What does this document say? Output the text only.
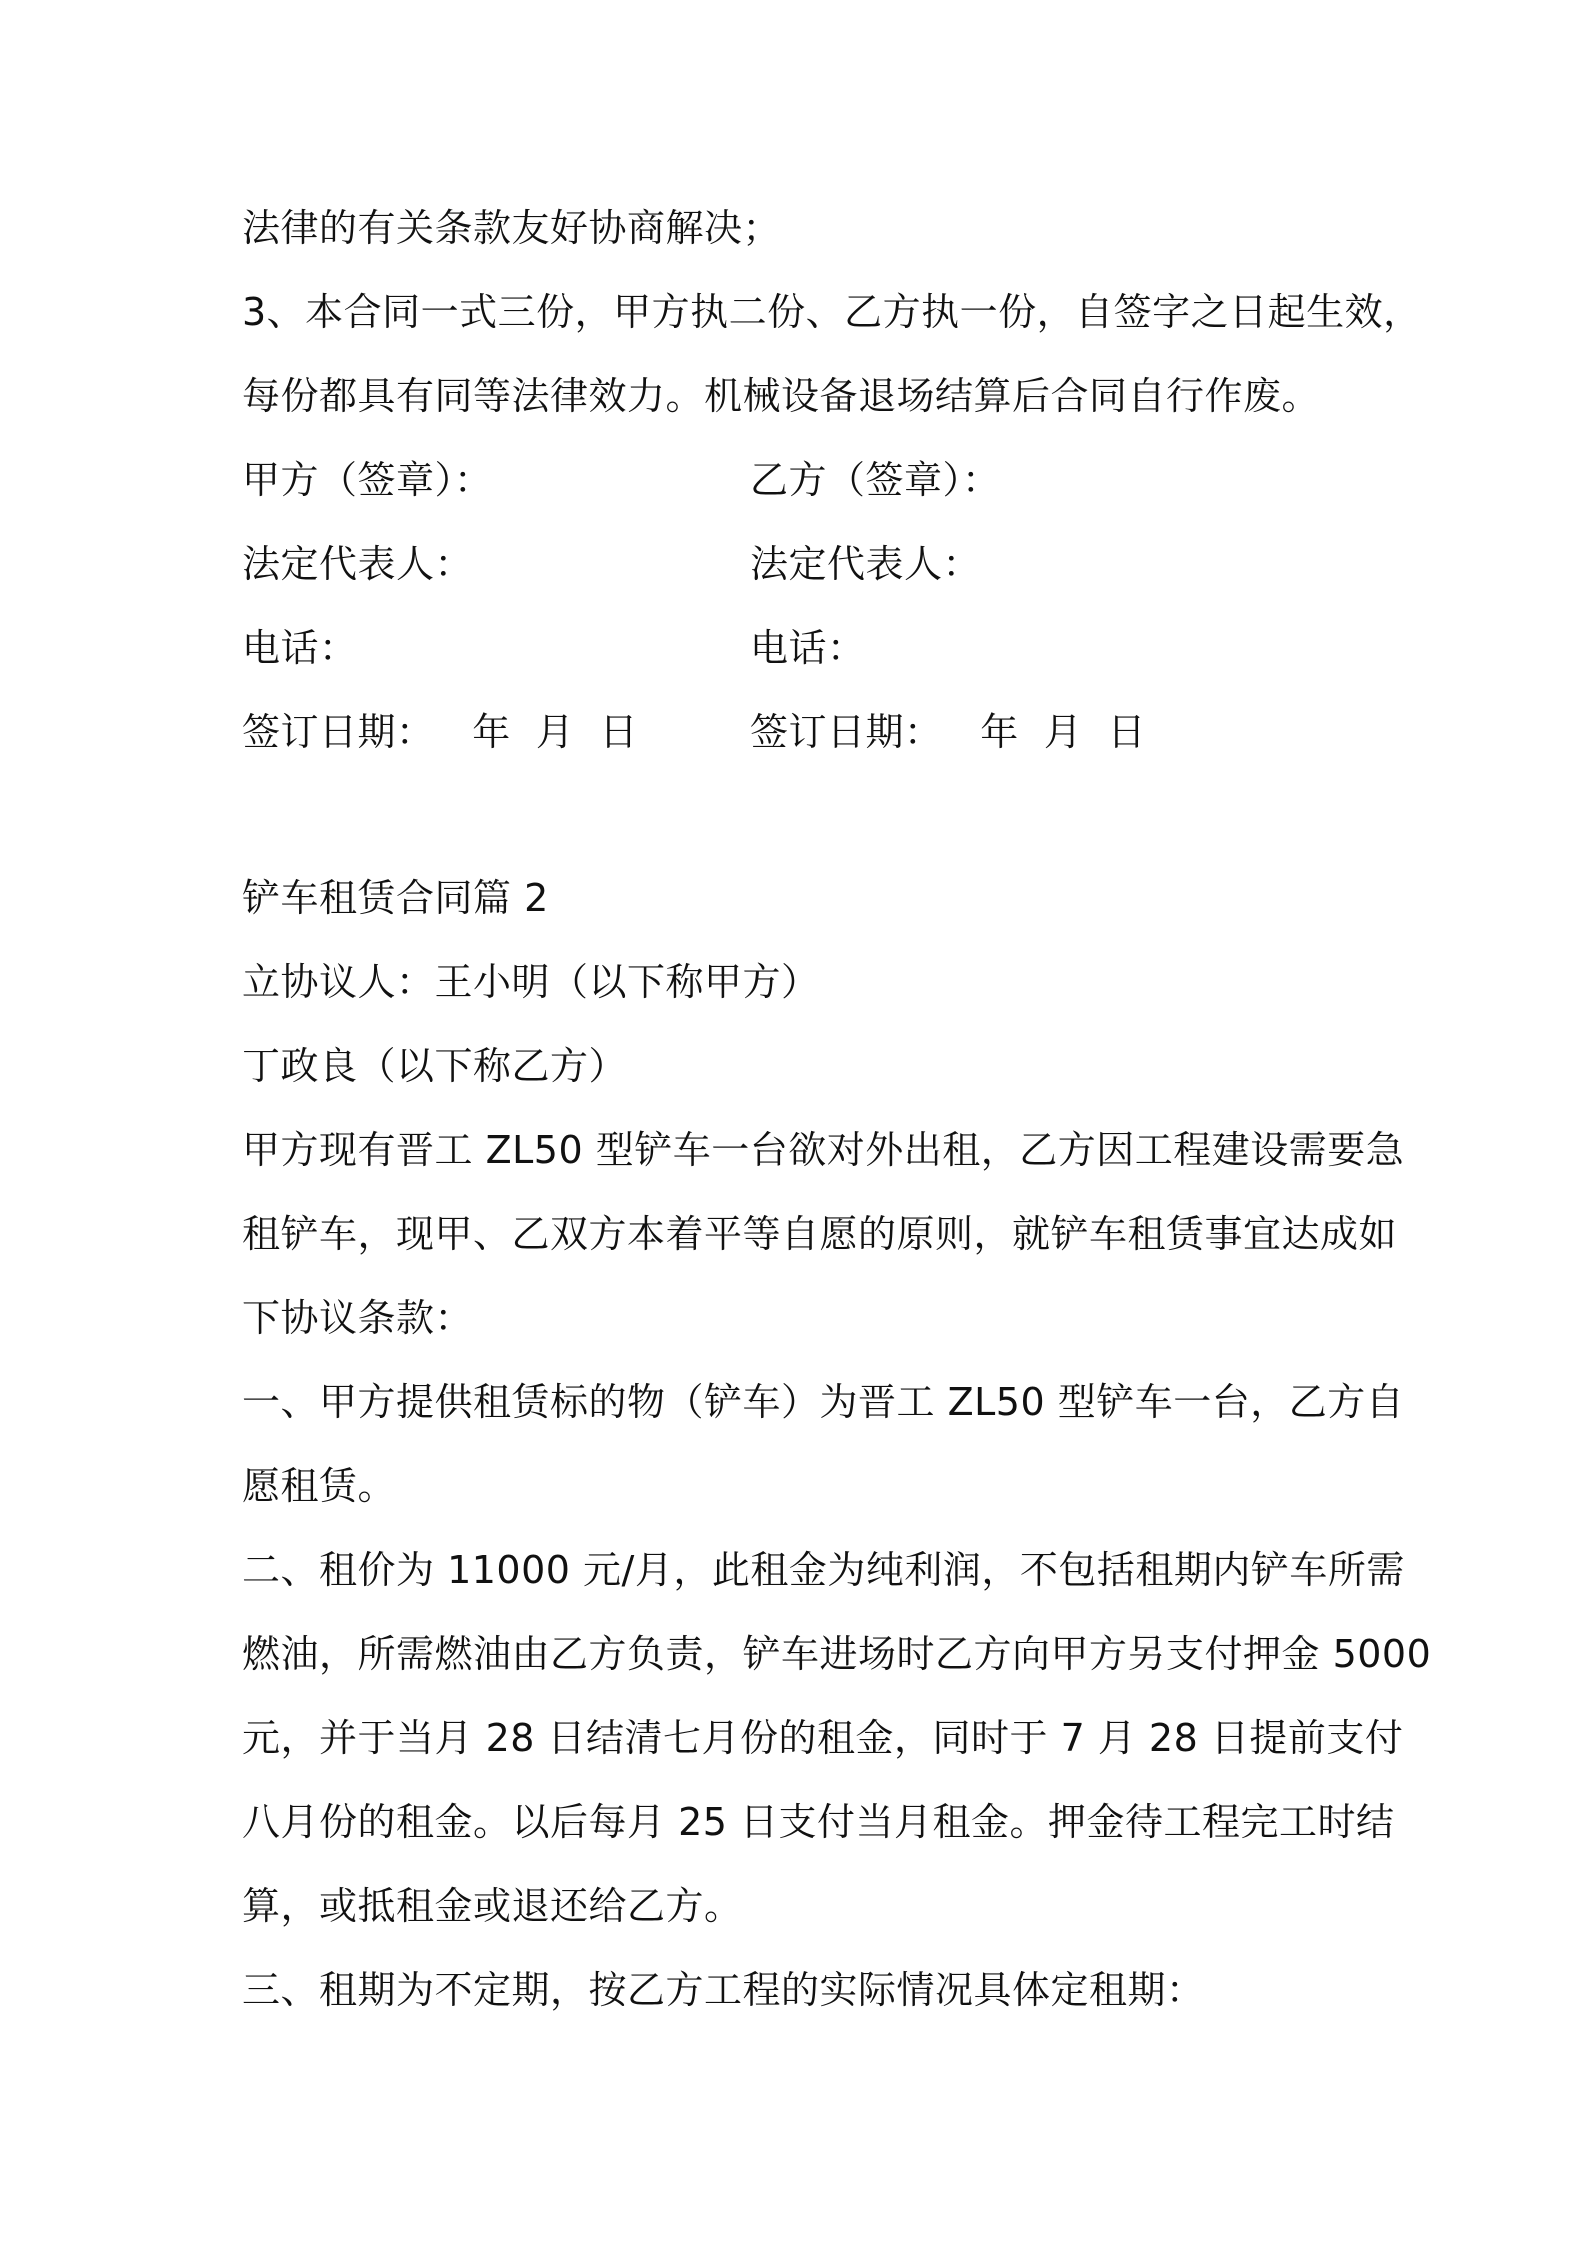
法律的有关条款友好协商解决；
3、本合同一式三份，甲方执二份、乙方执一份，自签字之日起生效，
每份都具有同等法律效力。机械设备退场结算后合同自行作废。
甲方（签章）：	乙方（签章）：
法定代表人：	法定代表人：
电话：	电话：
签订日期：   年  月  日	签订日期：   年  月  日
铲车租赁合同篇 2
立协议人：王小明（以下称甲方）
丁政良（以下称乙方）
甲方现有晋工 ZL50 型铲车一台欲对外出租，乙方因工程建设需要急
租铲车，现甲、乙双方本着平等自愿的原则，就铲车租赁事宜达成如
下协议条款：
一、甲方提供租赁标的物（铲车）为晋工 ZL50 型铲车一台，乙方自
愿租赁。
二、租价为 11000 元/月，此租金为纯利润，不包括租期内铲车所需
燃油，所需燃油由乙方负责，铲车进场时乙方向甲方另支付押金 5000
元，并于当月 28 日结清七月份的租金，同时于 7 月 28 日提前支付
八月份的租金。以后每月 25 日支付当月租金。押金待工程完工时结
算，或抵租金或退还给乙方。
三、租期为不定期，按乙方工程的实际情况具体定租期：
